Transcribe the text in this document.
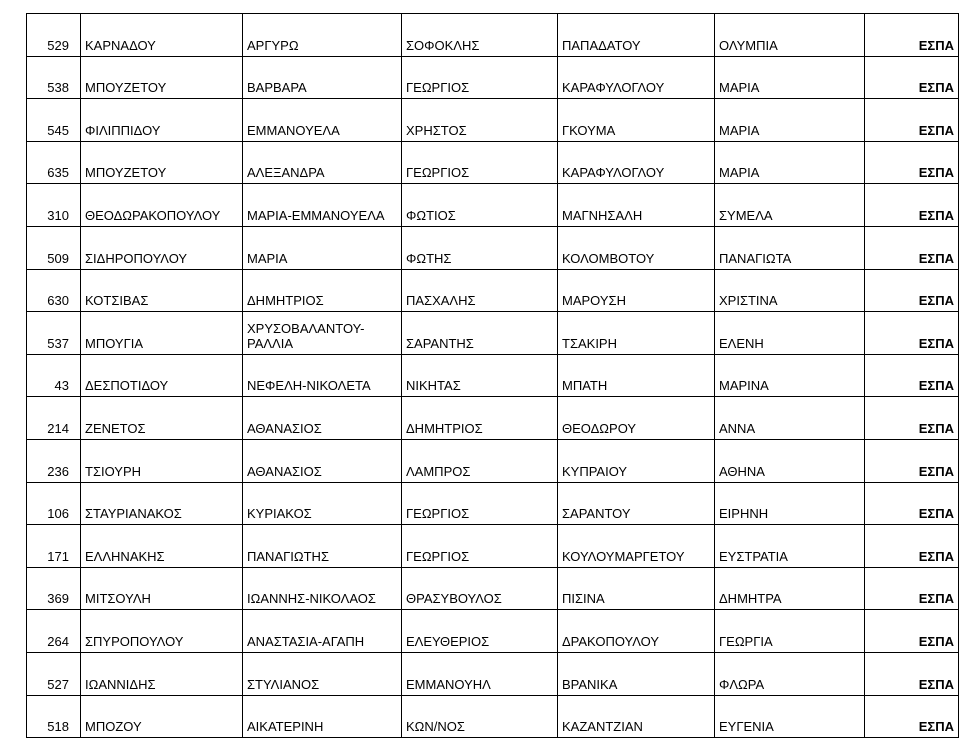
529	ΚΑΡΝΑΔΟΥ	ΑΡΓΥΡΩ	ΣΟΦΟΚΛΗΣ	ΠΑΠΑΔΑΤΟΥ	ΟΛΥΜΠΙΑ	ΕΣΠΑ
538	ΜΠΟΥΖΕΤΟΥ	ΒΑΡΒΑΡΑ	ΓΕΩΡΓΙΟΣ	ΚΑΡΑΦΥΛΟΓΛΟΥ	ΜΑΡΙΑ	ΕΣΠΑ
545	ΦΙΛΙΠΠΙΔΟΥ	ΕΜΜΑΝΟΥΕΛΑ	ΧΡΗΣΤΟΣ	ΓΚΟΥΜΑ	ΜΑΡΙΑ	ΕΣΠΑ
635	ΜΠΟΥΖΕΤΟΥ	ΑΛΕΞΑΝΔΡΑ	ΓΕΩΡΓΙΟΣ	ΚΑΡΑΦΥΛΟΓΛΟΥ	ΜΑΡΙΑ	ΕΣΠΑ
310	ΘΕΟΔΩΡΑΚΟΠΟΥΛΟΥ	ΜΑΡΙΑ-ΕΜΜΑΝΟΥΕΛΑ	ΦΩΤΙΟΣ	ΜΑΓΝΗΣΑΛΗ	ΣΥΜΕΛΑ	ΕΣΠΑ
509	ΣΙΔΗΡΟΠΟΥΛΟΥ	ΜΑΡΙΑ	ΦΩΤΗΣ	ΚΟΛΟΜΒΟΤΟΥ	ΠΑΝΑΓΙΩΤΑ	ΕΣΠΑ
630	ΚΟΤΣΙΒΑΣ	ΔΗΜΗΤΡΙΟΣ	ΠΑΣΧΑΛΗΣ	ΜΑΡΟΥΣΗ	ΧΡΙΣΤΙΝΑ	ΕΣΠΑ
537	ΜΠΟΥΓΙΑ	ΧΡΥΣΟΒΑΛΑΝΤΟΥ-
ΡΑΛΛΙΑ	ΣΑΡΑΝΤΗΣ	ΤΣΑΚΙΡΗ	ΕΛΕΝΗ	ΕΣΠΑ
43	ΔΕΣΠΟΤΙΔΟΥ	ΝΕΦΕΛΗ-ΝΙΚΟΛΕΤΑ	ΝΙΚΗΤΑΣ	ΜΠΑΤΗ	ΜΑΡΙΝΑ	ΕΣΠΑ
214	ΖΕΝΕΤΟΣ	ΑΘΑΝΑΣΙΟΣ	ΔΗΜΗΤΡΙΟΣ	ΘΕΟΔΩΡΟΥ	ΑΝΝΑ	ΕΣΠΑ
236	ΤΣΙΟΥΡΗ	ΑΘΑΝΑΣΙΟΣ	ΛΑΜΠΡΟΣ	ΚΥΠΡΑΙΟΥ	ΑΘΗΝΑ	ΕΣΠΑ
106	ΣΤΑΥΡΙΑΝΑΚΟΣ	ΚΥΡΙΑΚΟΣ	ΓΕΩΡΓΙΟΣ	ΣΑΡΑΝΤΟΥ	ΕΙΡΗΝΗ	ΕΣΠΑ
171	ΕΛΛΗΝΑΚΗΣ	ΠΑΝΑΓΙΩΤΗΣ	ΓΕΩΡΓΙΟΣ	ΚΟΥΛΟΥΜΑΡΓΕΤΟΥ	ΕΥΣΤΡΑΤΙΑ	ΕΣΠΑ
369	ΜΙΤΣΟΥΛΗ	ΙΩΑΝΝΗΣ-ΝΙΚΟΛΑΟΣ	ΘΡΑΣΥΒΟΥΛΟΣ	ΠΙΣΙΝΑ	ΔΗΜΗΤΡΑ	ΕΣΠΑ
264	ΣΠΥΡΟΠΟΥΛΟΥ	ΑΝΑΣΤΑΣΙΑ-ΑΓΑΠΗ	ΕΛΕΥΘΕΡΙΟΣ	ΔΡΑΚΟΠΟΥΛΟΥ	ΓΕΩΡΓΙΑ	ΕΣΠΑ
527	ΙΩΑΝΝΙΔΗΣ	ΣΤΥΛΙΑΝΟΣ	ΕΜΜΑΝΟΥΗΛ	ΒΡΑΝΙΚΑ	ΦΛΩΡΑ	ΕΣΠΑ
518	ΜΠΟΖΟΥ	ΑΙΚΑΤΕΡΙΝΗ	ΚΩΝ/ΝΟΣ	ΚΑΖΑΝΤΖΙΑΝ	ΕΥΓΕΝΙΑ	ΕΣΠΑ
